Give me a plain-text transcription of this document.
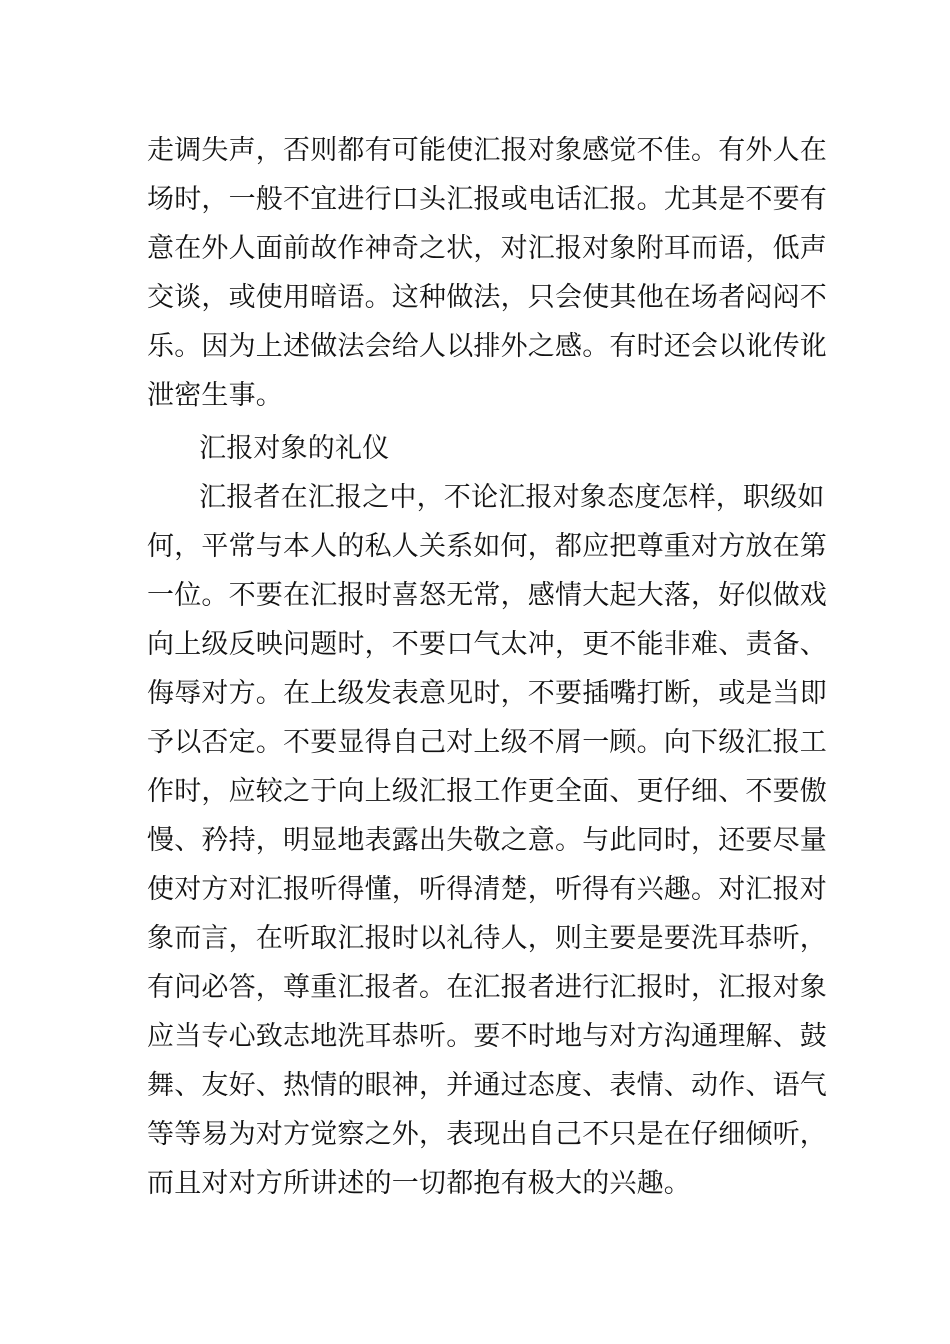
走调失声，否则都有可能使汇报对象感觉不佳。有外人在
场时，一般不宜进行口头汇报或电话汇报。尤其是不要有
意在外人面前故作神奇之状，对汇报对象附耳而语，低声
交谈，或使用暗语。这种做法，只会使其他在场者闷闷不
乐。因为上述做法会给人以排外之感。有时还会以讹传讹
泄密生事。
汇报对象的礼仪
汇报者在汇报之中，不论汇报对象态度怎样，职级如
何，平常与本人的私人关系如何，都应把尊重对方放在第
一位。不要在汇报时喜怒无常，感情大起大落，好似做戏
向上级反映问题时，不要口气太冲，更不能非难、责备、
侮辱对方。在上级发表意见时，不要插嘴打断，或是当即
予以否定。不要显得自己对上级不屑一顾。向下级汇报工
作时，应较之于向上级汇报工作更全面、更仔细、不要傲
慢、矜持，明显地表露出失敬之意。与此同时，还要尽量
使对方对汇报听得懂，听得清楚，听得有兴趣。对汇报对
象而言，在听取汇报时以礼待人，则主要是要洗耳恭听，
有问必答，尊重汇报者。在汇报者进行汇报时，汇报对象
应当专心致志地洗耳恭听。要不时地与对方沟通理解、鼓
舞、友好、热情的眼神，并通过态度、表情、动作、语气
等等易为对方觉察之外，表现出自己不只是在仔细倾听，
而且对对方所讲述的一切都抱有极大的兴趣。
